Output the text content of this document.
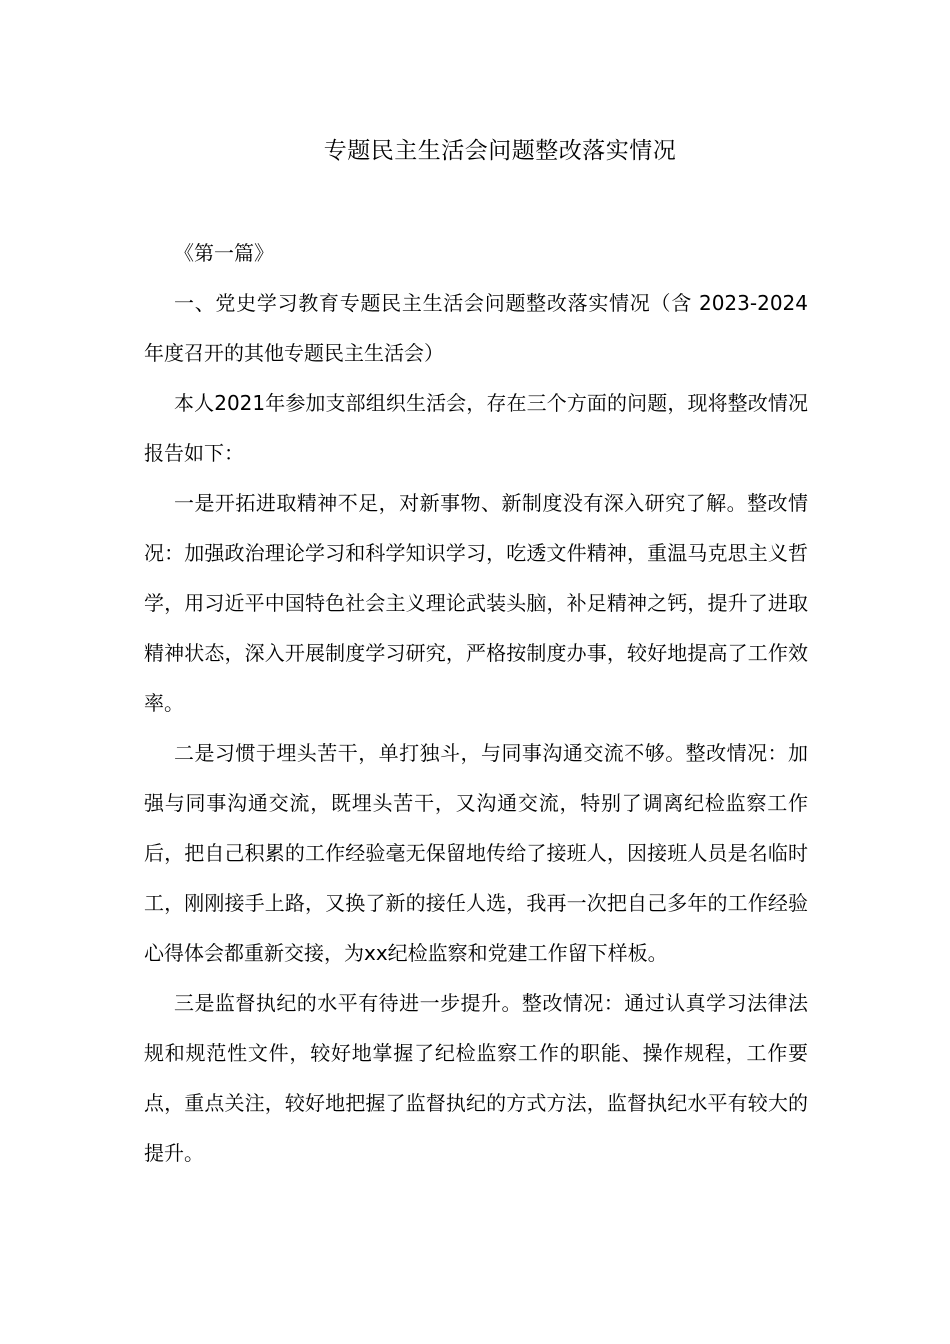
专题民主生活会问题整改落实情况

《第一篇》

一、党史学习教育专题民主生活会问题整改落实情况（含 2023-2024年度召开的其他专题民主生活会）

本人2021年参加支部组织生活会，存在三个方面的问题，现将整改情况报告如下：

一是开拓进取精神不足，对新事物、新制度没有深入研究了解。整改情况：加强政治理论学习和科学知识学习，吃透文件精神，重温马克思主义哲学，用习近平中国特色社会主义理论武装头脑，补足精神之钙，提升了进取精神状态，深入开展制度学习研究，严格按制度办事，较好地提高了工作效率。

二是习惯于埋头苦干，单打独斗，与同事沟通交流不够。整改情况：加强与同事沟通交流，既埋头苦干，又沟通交流，特别了调离纪检监察工作后，把自己积累的工作经验毫无保留地传给了接班人，因接班人员是名临时工，刚刚接手上路，又换了新的接任人选，我再一次把自己多年的工作经验心得体会都重新交接，为xx纪检监察和党建工作留下样板。

三是监督执纪的水平有待进一步提升。整改情况：通过认真学习法律法规和规范性文件，较好地掌握了纪检监察工作的职能、操作规程，工作要点，重点关注，较好地把握了监督执纪的方式方法，监督执纪水平有较大的提升。
